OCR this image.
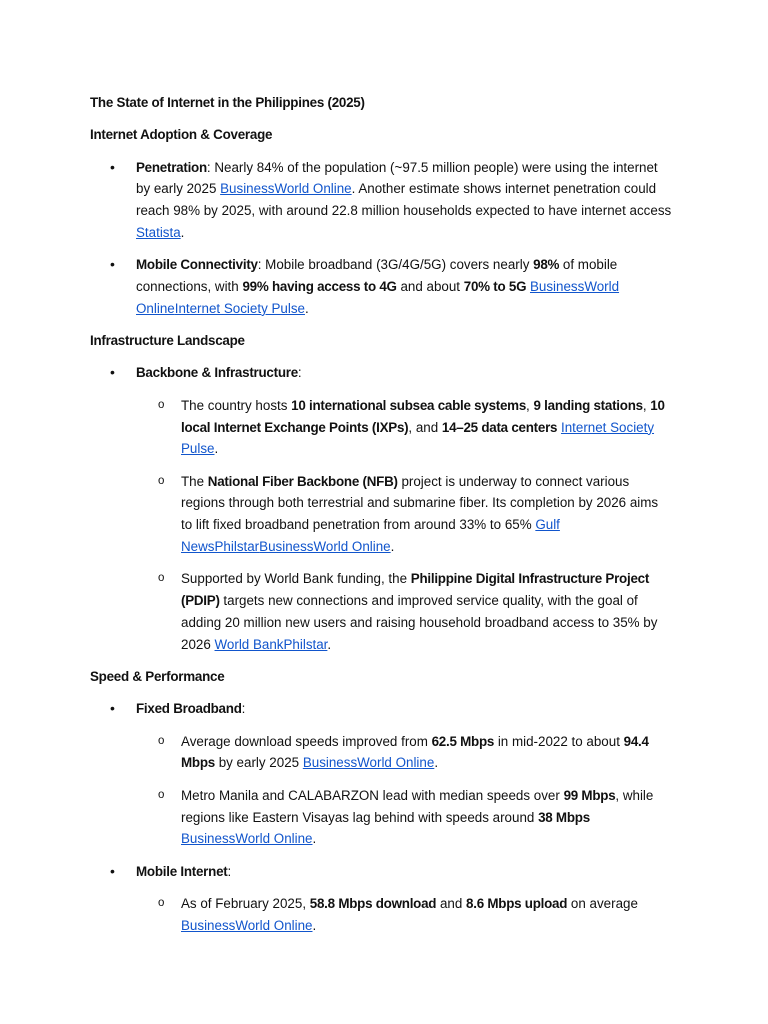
The State of Internet in the Philippines (2025)
Internet Adoption & Coverage
• Penetration: Nearly 84% of the population (~97.5 million people) were using the internet by early 2025 BusinessWorld Online. Another estimate shows internet penetration could reach 98% by 2025, with around 22.8 million households expected to have internet access Statista.
• Mobile Connectivity: Mobile broadband (3G/4G/5G) covers nearly 98% of mobile connections, with 99% having access to 4G and about 70% to 5G BusinessWorld OnlineInternet Society Pulse.
Infrastructure Landscape
• Backbone & Infrastructure:
o The country hosts 10 international subsea cable systems, 9 landing stations, 10 local Internet Exchange Points (IXPs), and 14–25 data centers Internet Society Pulse.
o The National Fiber Backbone (NFB) project is underway to connect various regions through both terrestrial and submarine fiber. Its completion by 2026 aims to lift fixed broadband penetration from around 33% to 65% Gulf NewsPhilstarBusinessWorld Online.
o Supported by World Bank funding, the Philippine Digital Infrastructure Project (PDIP) targets new connections and improved service quality, with the goal of adding 20 million new users and raising household broadband access to 35% by 2026 World BankPhilstar.
Speed & Performance
• Fixed Broadband:
o Average download speeds improved from 62.5 Mbps in mid-2022 to about 94.4 Mbps by early 2025 BusinessWorld Online.
o Metro Manila and CALABARZON lead with median speeds over 99 Mbps, while regions like Eastern Visayas lag behind with speeds around 38 Mbps BusinessWorld Online.
• Mobile Internet:
o As of February 2025, 58.8 Mbps download and 8.6 Mbps upload on average BusinessWorld Online.
